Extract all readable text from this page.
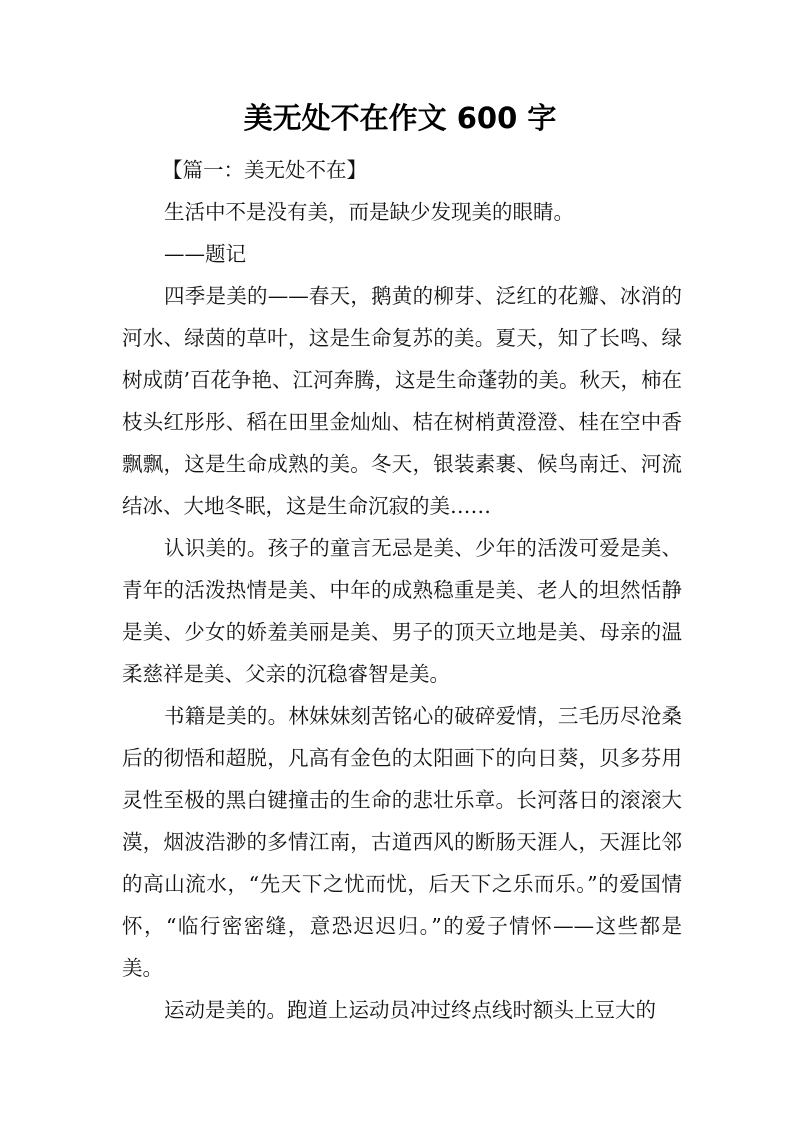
美无处不在作文 600 字

【篇一：美无处不在】

生活中不是没有美，而是缺少发现美的眼睛。

——题记

四季是美的——春天，鹅黄的柳芽、泛红的花瓣、冰消的河水、绿茵的草叶，这是生命复苏的美。夏天，知了长鸣、绿树成荫’百花争艳、江河奔腾，这是生命蓬勃的美。秋天，柿在枝头红彤彤、稻在田里金灿灿、桔在树梢黄澄澄、桂在空中香飘飘，这是生命成熟的美。冬天，银装素裹、候鸟南迁、河流结冰、大地冬眠，这是生命沉寂的美……

认识美的。孩子的童言无忌是美、少年的活泼可爱是美、青年的活泼热情是美、中年的成熟稳重是美、老人的坦然恬静是美、少女的娇羞美丽是美、男子的顶天立地是美、母亲的温柔慈祥是美、父亲的沉稳睿智是美。

书籍是美的。林妹妹刻苦铭心的破碎爱情，三毛历尽沧桑后的彻悟和超脱，凡高有金色的太阳画下的向日葵，贝多芬用灵性至极的黑白键撞击的生命的悲壮乐章。长河落日的滚滚大漠，烟波浩渺的多情江南，古道西风的断肠天涯人，天涯比邻的高山流水，“先天下之忧而忧，后天下之乐而乐。”的爱国情怀，“临行密密缝，意恐迟迟归。”的爱子情怀——这些都是美。

运动是美的。跑道上运动员冲过终点线时额头上豆大的
